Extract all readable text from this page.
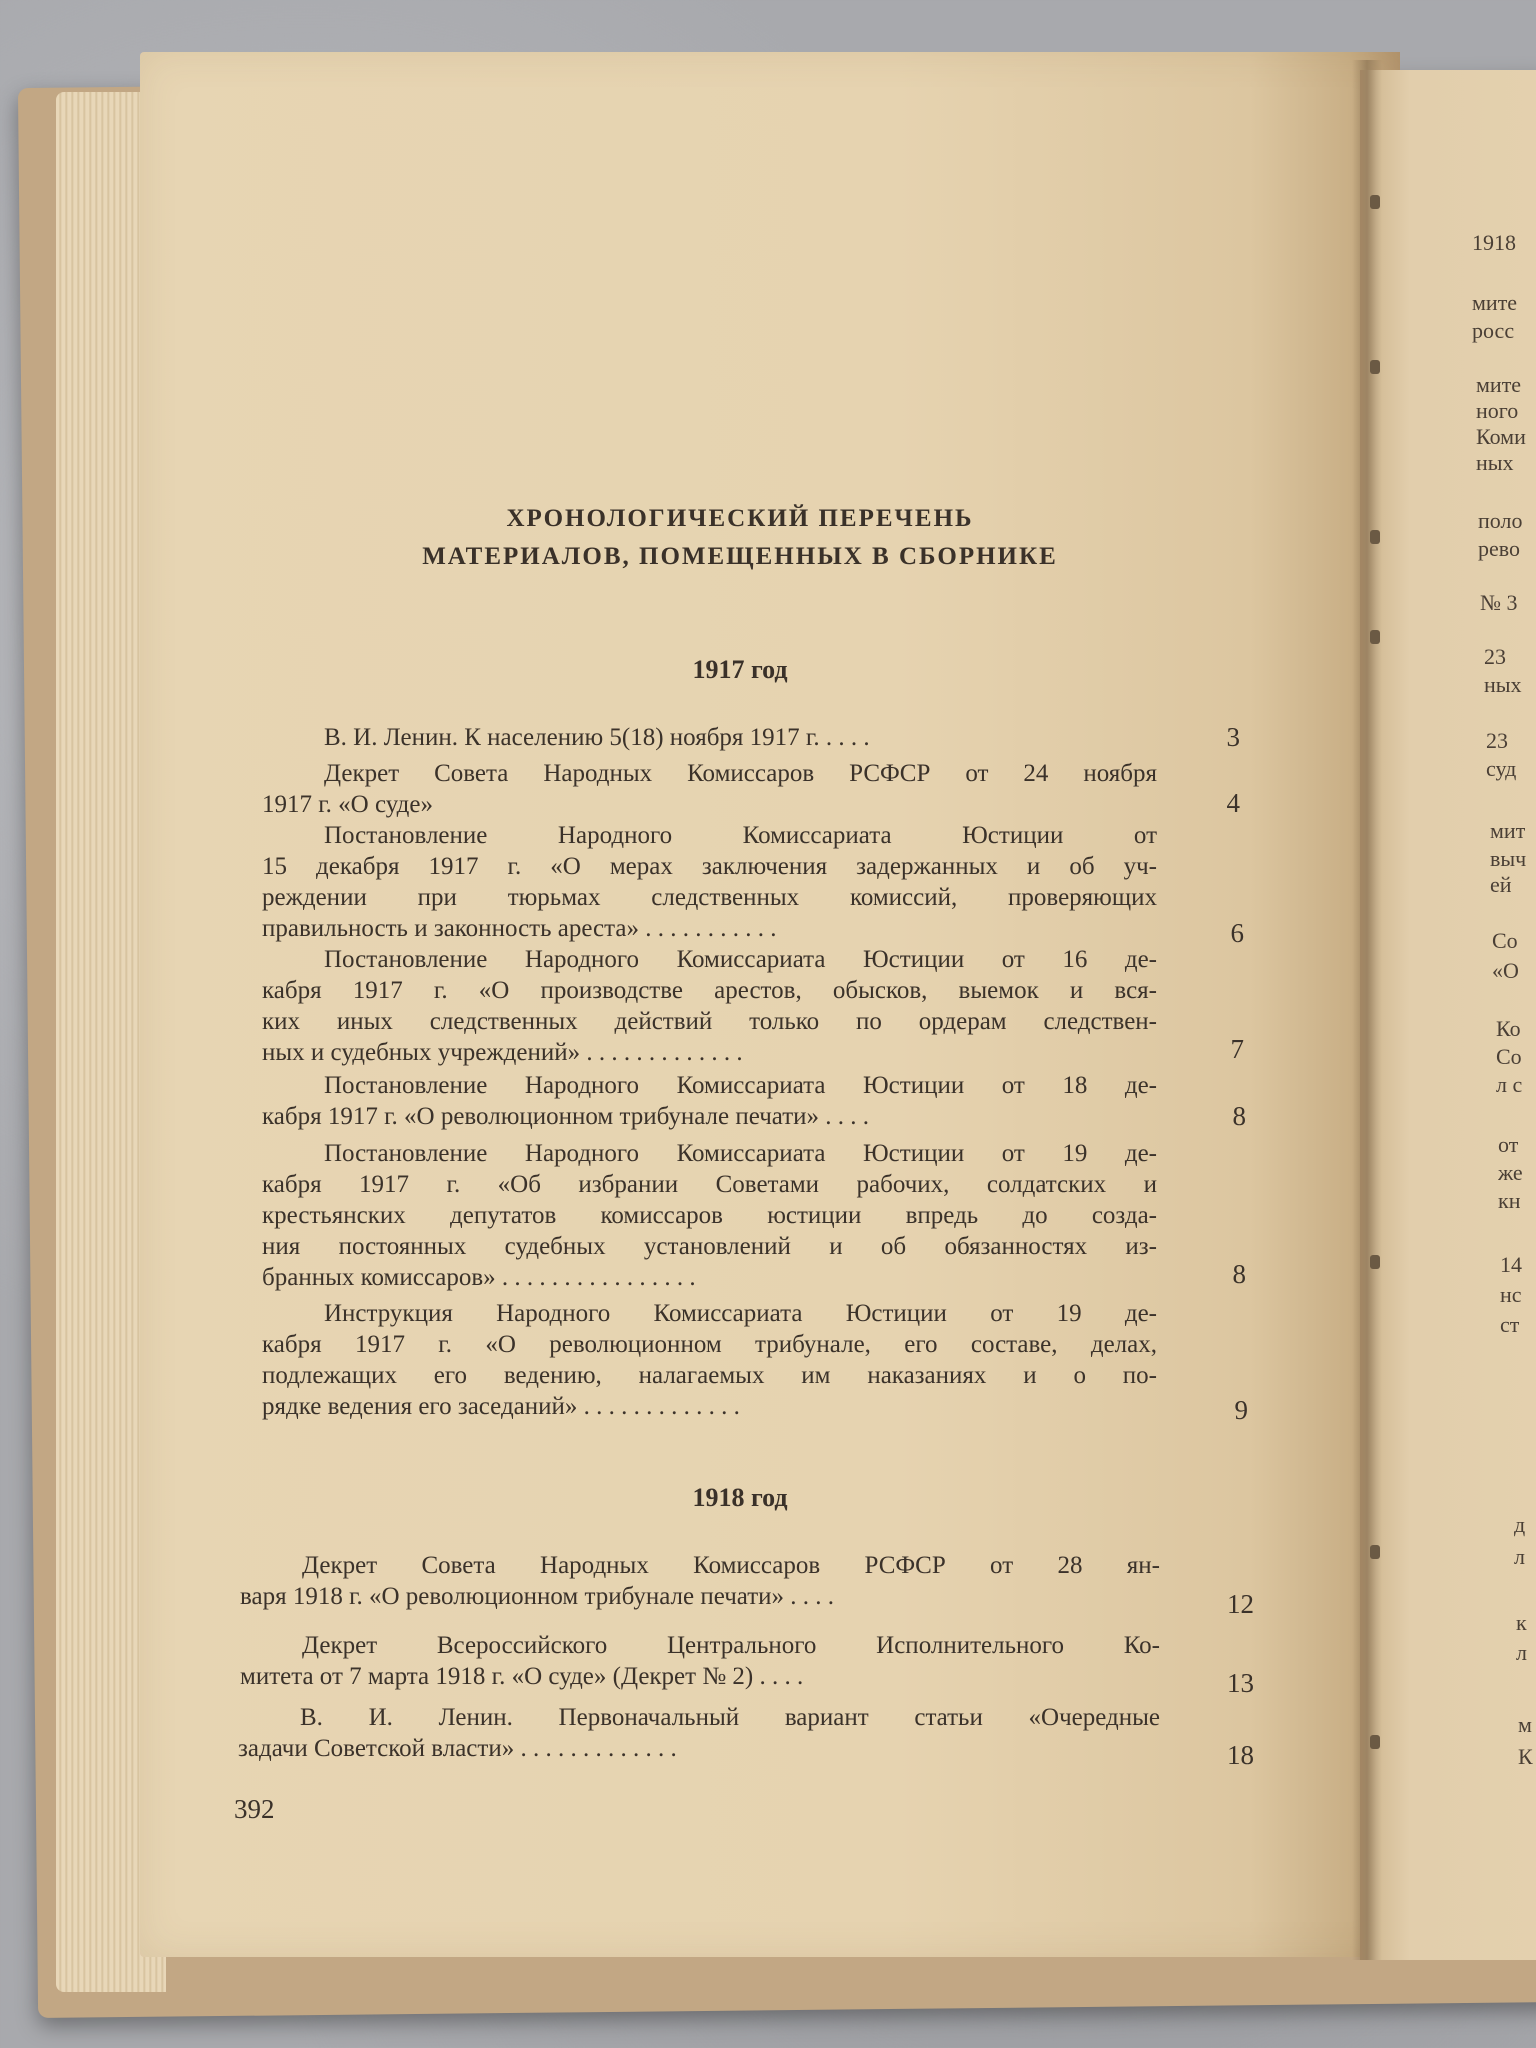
ХРОНОЛОГИЧЕСКИЙ ПЕРЕЧЕНЬ
МАТЕРИАЛОВ, ПОМЕЩЕННЫХ В СБОРНИКЕ
1917 год
В. И. Ленин. К населению 5(18) ноября 1917 г. . . . .	3
Декрет Совета Народных Комиссаров РСФСР от 24 ноября
1917 г. «О суде»	4
Постановление Народного Комиссариата Юстиции от
15 декабря 1917 г. «О мерах заключения задержанных и об уч-
реждении при тюрьмах следственных комиссий, проверяющих
правильность и законность ареста» . . . . . . . . . . .	6
Постановление Народного Комиссариата Юстиции от 16 де-
кабря 1917 г. «О производстве арестов, обысков, выемок и вся-
ких иных следственных действий только по ордерам следствен-
ных и судебных учреждений» . . . . . . . . . . . . .	7
Постановление Народного Комиссариата Юстиции от 18 де-
кабря 1917 г. «О революционном трибунале печати» . . . .	8
Постановление Народного Комиссариата Юстиции от 19 де-
кабря 1917 г. «Об избрании Советами рабочих, солдатских и
крестьянских депутатов комиссаров юстиции впредь до созда-
ния постоянных судебных установлений и об обязанностях из-
бранных комиссаров» . . . . . . . . . . . . . . . .	8
Инструкция Народного Комиссариата Юстиции от 19 де-
кабря 1917 г. «О революционном трибунале, его составе, делах,
подлежащих его ведению, налагаемых им наказаниях и о по-
рядке ведения его заседаний» . . . . . . . . . . . . .	9
1918 год
Декрет Совета Народных Комиссаров РСФСР от 28 ян-
варя 1918 г. «О революционном трибунале печати» . . . .	12
Декрет Всероссийского Центрального Исполнительного Ко-
митета от 7 марта 1918 г. «О суде» (Декрет № 2) . . . .	13
В. И. Ленин. Первоначальный вариант статьи «Очередные
задачи Советской власти» . . . . . . . . . . . . .	18
392
1918
мите
росс
мите
ного
Коми
ных
поло
рево
№ 3
23
ных
23
суд
мит
выч
ей
Со
«О
Ко
Со
л с
от
же
кн
14
нс
ст
д
л
к
л
м
К
